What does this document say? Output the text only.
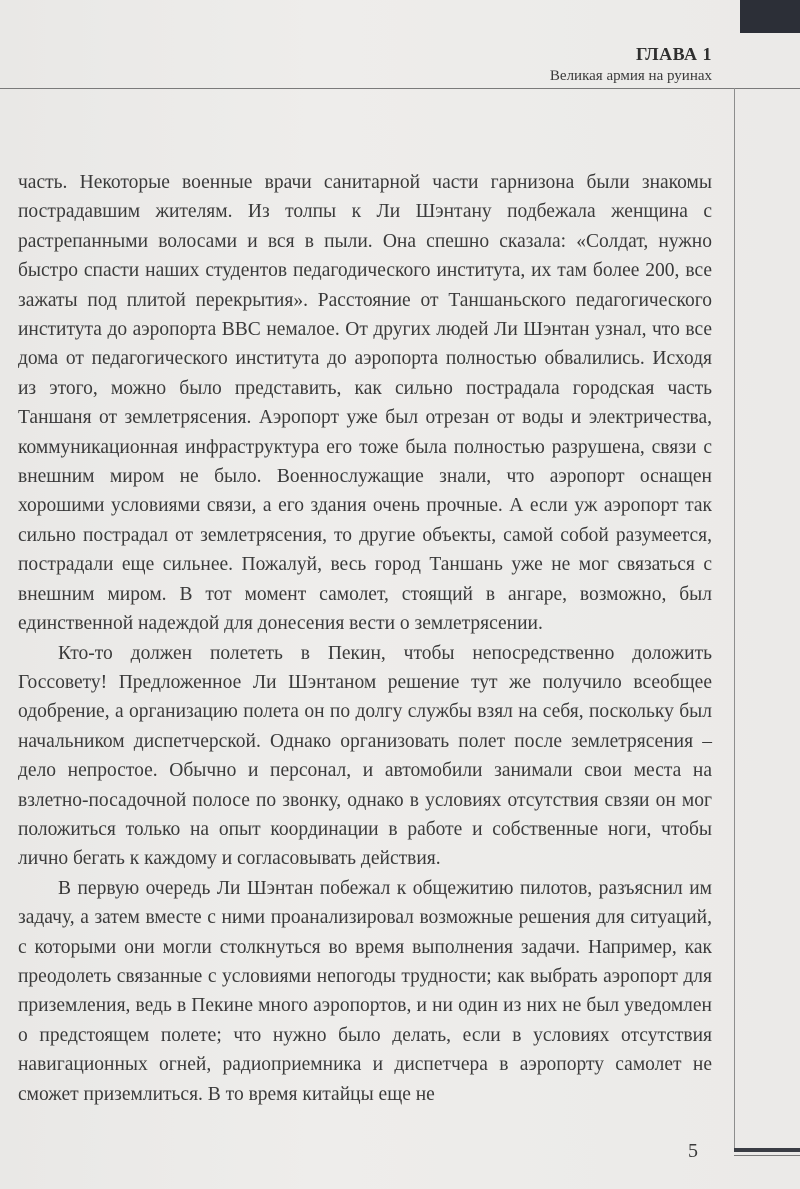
ГЛАВА 1
Великая армия на руинах

часть. Некоторые военные врачи санитарной части гарнизона были знакомы пострадавшим жителям. Из толпы к Ли Шэнтану подбежала женщина с растрепанными волосами и вся в пыли. Она спешно сказала: «Солдат, нужно быстро спасти наших студентов педагодического института, их там более 200, все зажаты под плитой перекрытия». Расстояние от Таншаньского педагогического института до аэропорта ВВС немалое. От других людей Ли Шэнтан узнал, что все дома от педагогического института до аэропорта полностью обвалились. Исходя из этого, можно было представить, как сильно пострадала городская часть Таншаня от землетрясения. Аэропорт уже был отрезан от воды и электричества, коммуникационная инфраструктура его тоже была полностью разрушена, связи с внешним миром не было. Военнослужащие знали, что аэропорт оснащен хорошими условиями связи, а его здания очень прочные. А если уж аэропорт так сильно пострадал от землетрясения, то другие объекты, самой собой разумеется, пострадали еще сильнее. Пожалуй, весь город Таншань уже не мог связаться с внешним миром. В тот момент самолет, стоящий в ангаре, возможно, был единственной надеждой для донесения вести о землетрясении.

Кто-то должен полететь в Пекин, чтобы непосредственно доложить Госсовету! Предложенное Ли Шэнтаном решение тут же получило всеобщее одобрение, а организацию полета он по долгу службы взял на себя, поскольку был начальником диспетчерской. Однако организовать полет после землетрясения – дело непростое. Обычно и персонал, и автомобили занимали свои места на взлетно-посадочной полосе по звонку, однако в условиях отсутствия свзяи он мог положиться только на опыт координации в работе и собственные ноги, чтобы лично бегать к каждому и согласовывать действия.

В первую очередь Ли Шэнтан побежал к общежитию пилотов, разъяснил им задачу, а затем вместе с ними проанализировал возможные решения для ситуаций, с которыми они могли столкнуться во время выполнения задачи. Например, как преодолеть связанные с условиями непогоды трудности; как выбрать аэропорт для приземления, ведь в Пекине много аэропортов, и ни один из них не был уведомлен о предстоящем полете; что нужно было делать, если в условиях отсутствия навигационных огней, радиоприемника и диспетчера в аэропорту самолет не сможет приземлиться. В то время китайцы еще не

5
